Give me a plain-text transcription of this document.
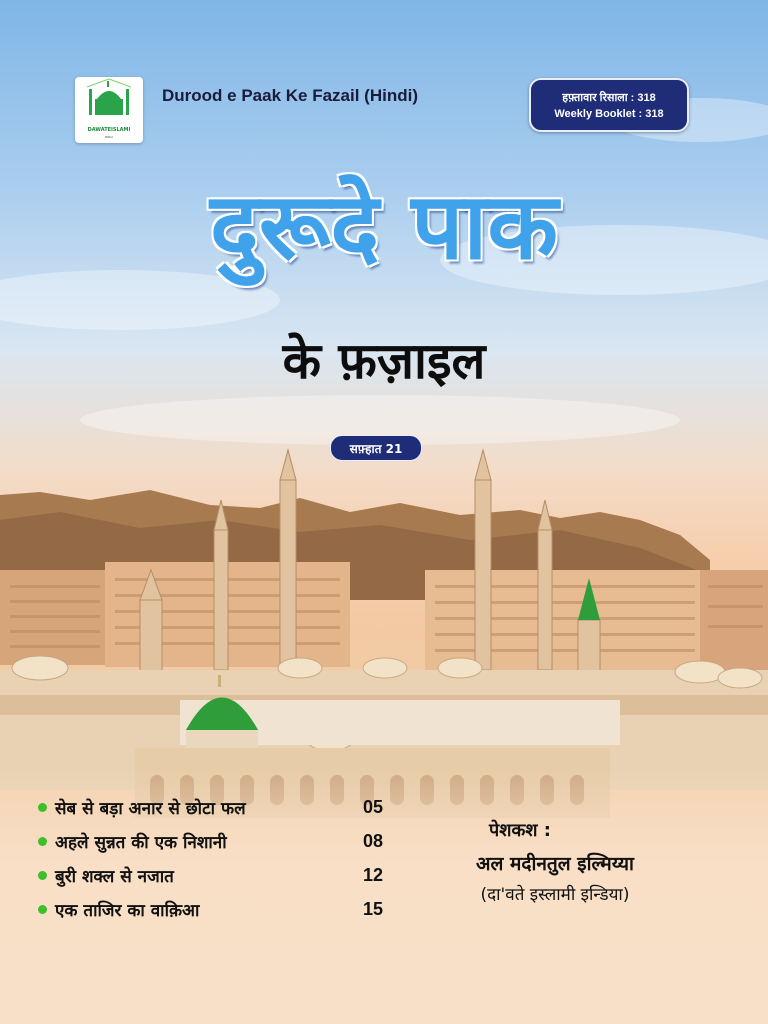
DAWATEISLAMI
INDIA
Durood e Paak Ke Fazail (Hindi)	हफ़्तावार रिसाला : 318
Weekly Booklet : 318
दुरूदे पाक
के फ़ज़ाइल
सफ़्हात 21
सेब से बड़ा अनार से छोटा फल	05
अहले सुन्नत की एक निशानी	08
बुरी शक्ल से नजात	12
एक ताजिर का वाक़िआ	15
पेशकश :
अल मदीनतुल इल्मिय्या
(दा'वते इस्लामी इन्डिया)
